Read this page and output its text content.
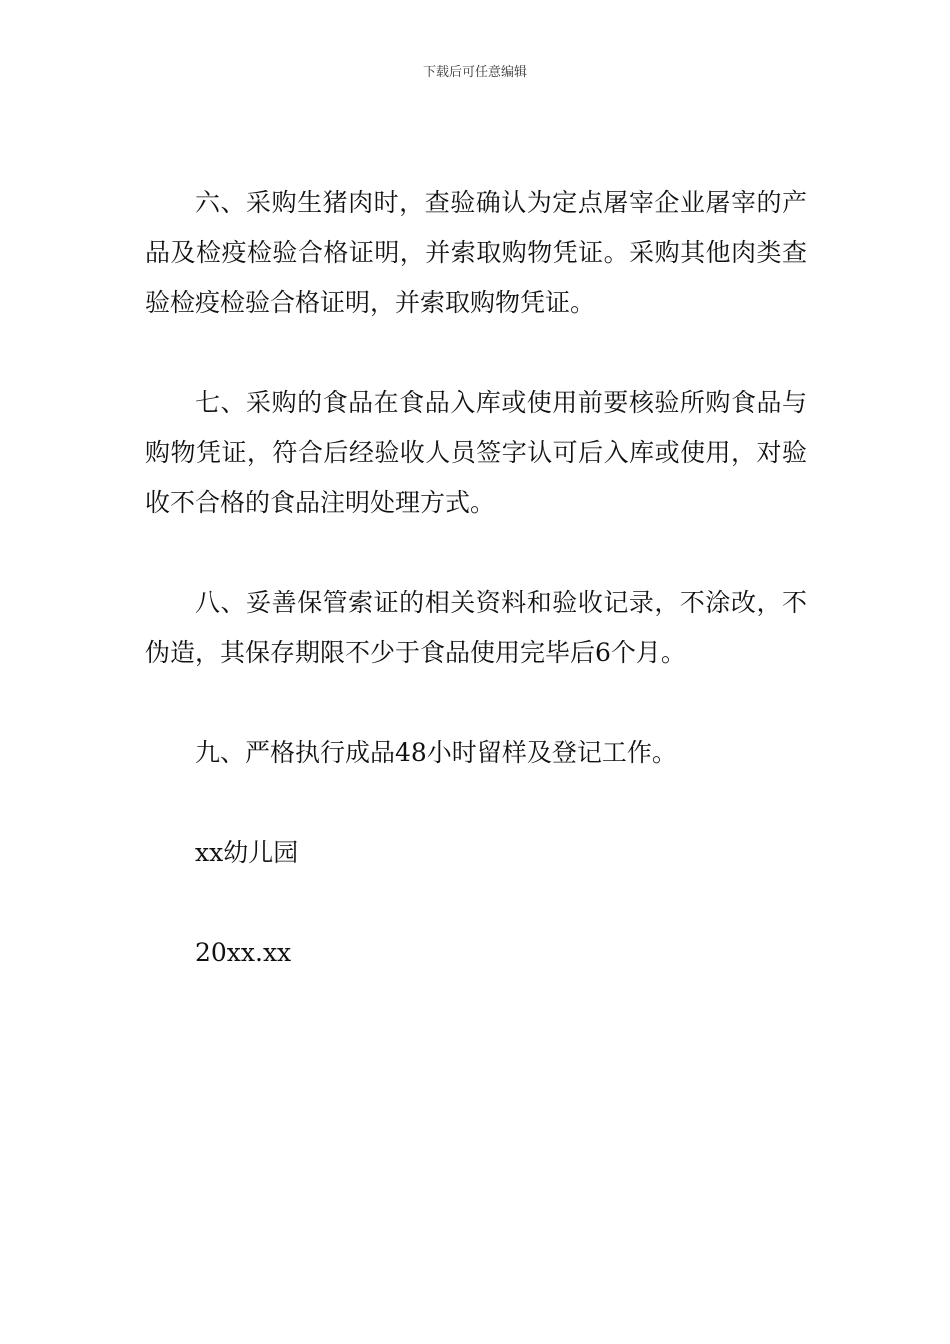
下载后可任意编辑

六、采购生猪肉时，查验确认为定点屠宰企业屠宰的产品及检疫检验合格证明，并索取购物凭证。采购其他肉类查验检疫检验合格证明，并索取购物凭证。

七、采购的食品在食品入库或使用前要核验所购食品与购物凭证，符合后经验收人员签字认可后入库或使用，对验收不合格的食品注明处理方式。

八、妥善保管索证的相关资料和验收记录，不涂改，不伪造，其保存期限不少于食品使用完毕后6个月。

九、严格执行成品48小时留样及登记工作。

xx幼儿园

20xx.xx
